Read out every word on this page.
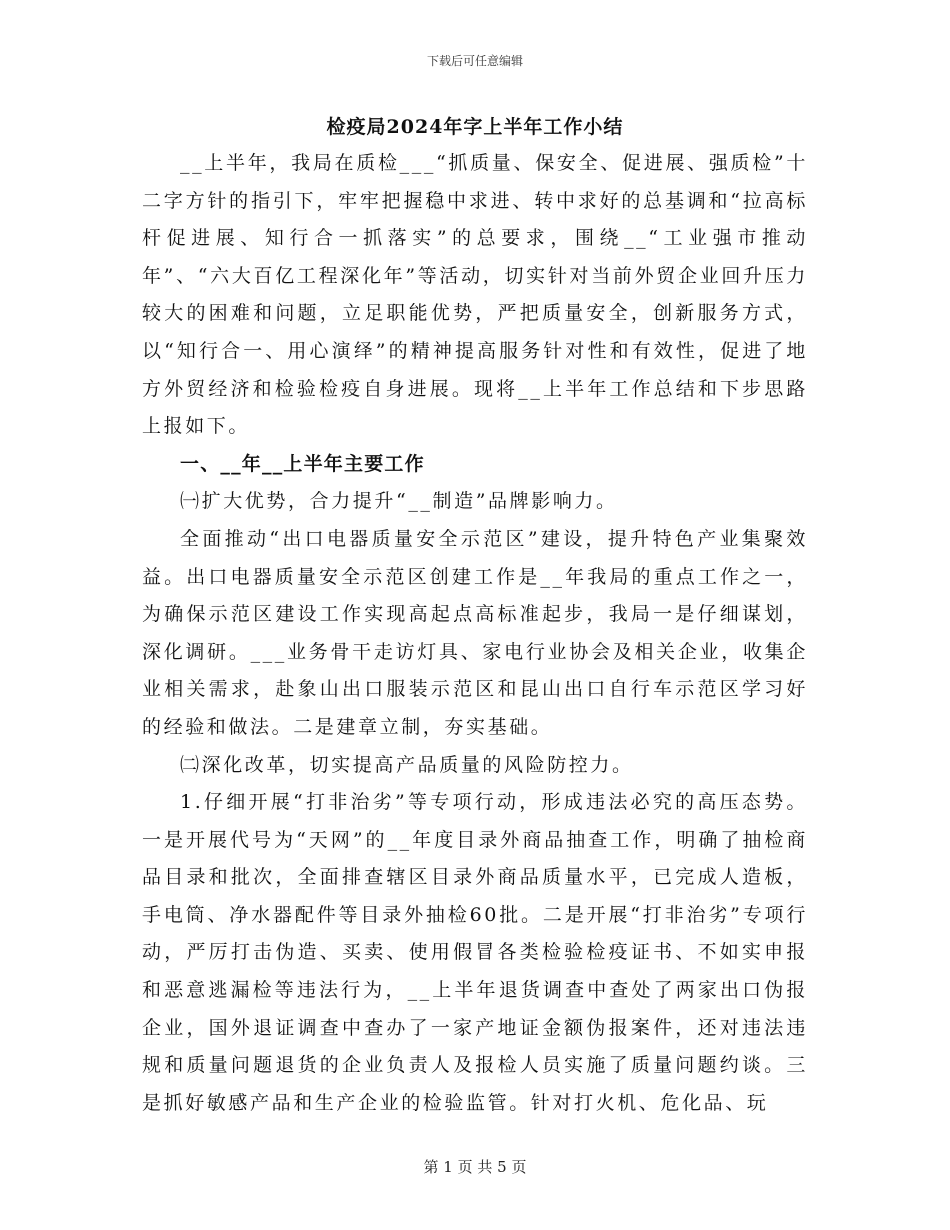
下载后可任意编辑
检疫局2024年字上半年工作小结

__上半年，我局在质检___“抓质量、保安全、促进展、强质检”十二字方针的指引下，牢牢把握稳中求进、转中求好的总基调和“拉高标杆促进展、知行合一抓落实”的总要求，围绕__“工业强市推动年”、“六大百亿工程深化年”等活动，切实针对当前外贸企业回升压力较大的困难和问题，立足职能优势，严把质量安全，创新服务方式，以“知行合一、用心演绎”的精神提高服务针对性和有效性，促进了地方外贸经济和检验检疫自身进展。现将__上半年工作总结和下步思路上报如下。

一、__年__上半年主要工作

㈠扩大优势，合力提升“__制造”品牌影响力。

全面推动“出口电器质量安全示范区”建设，提升特色产业集聚效益。出口电器质量安全示范区创建工作是__年我局的重点工作之一，为确保示范区建设工作实现高起点高标准起步，我局一是仔细谋划，深化调研。___业务骨干走访灯具、家电行业协会及相关企业，收集企业相关需求，赴象山出口服装示范区和昆山出口自行车示范区学习好的经验和做法。二是建章立制，夯实基础。

㈡深化改革，切实提高产品质量的风险防控力。

1.仔细开展“打非治劣”等专项行动，形成违法必究的高压态势。一是开展代号为“天网”的__年度目录外商品抽查工作，明确了抽检商品目录和批次，全面排查辖区目录外商品质量水平，已完成人造板，手电筒、净水器配件等目录外抽检60批。二是开展“打非治劣”专项行动，严厉打击伪造、买卖、使用假冒各类检验检疫证书、不如实申报和恶意逃漏检等违法行为，__上半年退货调查中查处了两家出口伪报企业，国外退证调查中查办了一家产地证金额伪报案件，还对违法违规和质量问题退货的企业负责人及报检人员实施了质量问题约谈。三是抓好敏感产品和生产企业的检验监管。针对打火机、危化品、玩

第 1 页 共 5 页
